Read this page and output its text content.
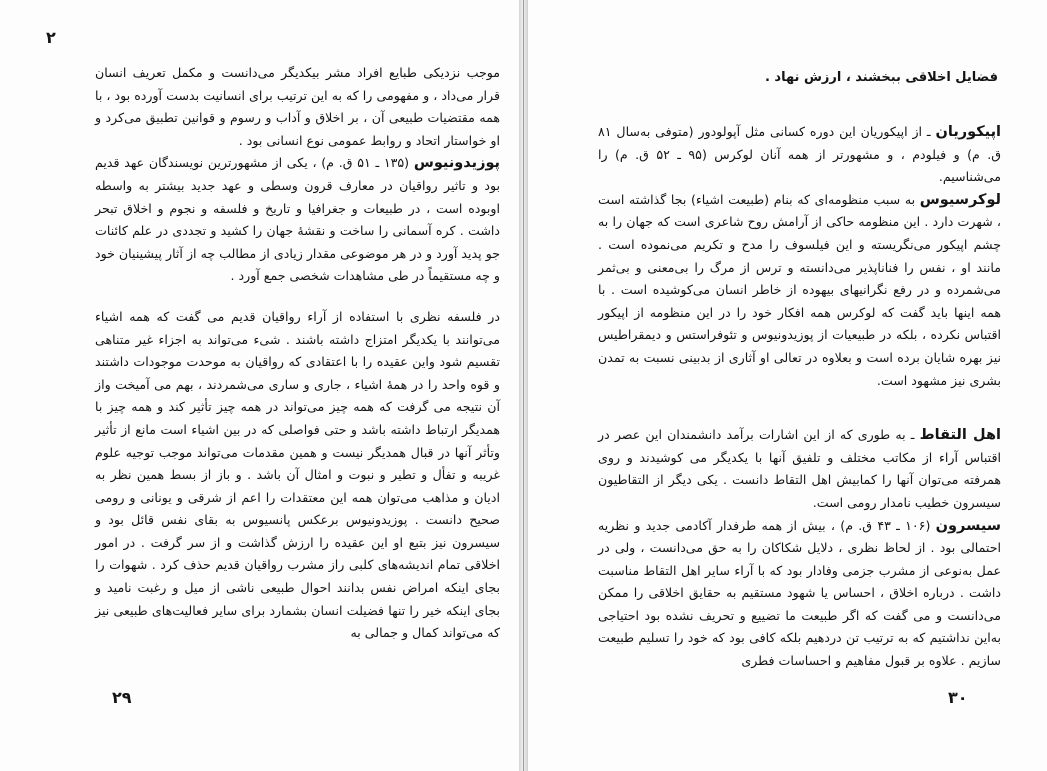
۲

موجب نزدیکی طبایع افراد مشر بیکدیگر می‌دانست و مکمل تعریف انسان قرار می‌داد ، و مفهومی را که به این ترتیب برای انسانیت بدست آورده بود ، با همه مقتضیات طبیعی آن ، بر اخلاق و آداب و رسوم و قوانین تطبیق می‌کرد و او خواستار اتحاد و روابط عمومی نوع انسانی بود .

پوزیدونیوس (۱۳۵ ـ ۵۱ ق. م) ، یکی از مشهورترین نویسندگان عهد قدیم بود و تاثیر رواقیان در معارف قرون وسطی و عهد جدید بیشتر به واسطه اوبوده است ، در طبیعات و جغرافیا و تاریخ و فلسفه و نجوم و اخلاق تبحر داشت . کره آسمانی را ساخت و نقشهٔ جهان را کشید و تجددی در علم کائنات جو پدید آورد و در هر موضوعی مقدار زیادی از مطالب چه از آثار پیشینیان خود و چه مستقیماً در طی مشاهدات شخصی جمع آورد .

در فلسفه نظری با استفاده از آراء رواقیان قدیم می گفت که همه اشیاء می‌توانند با یکدیگر امتزاج داشته باشند . شیء می‌تواند به اجزاء غیر متناهی تقسیم شود واین عقیده را با اعتقادی که رواقیان به موحدت موجودات داشتند و قوه واحد را در همهٔ اشیاء ، جاری و ساری می‌شمردند ، بهم می آمیخت واز آن نتیجه می گرفت که همه چیز می‌تواند در همه چیز تأثیر کند و همه چیز با همدیگر ارتباط داشته باشد و حتی فواصلی که در بین اشیاء است مانع از تأثیر وتأثر آنها در قبال همدیگر نیست و همین مقدمات می‌تواند موجب توجیه علوم غریبه و تفأل و تطیر و نبوت و امثال آن باشد . و باز از بسط همین نظر به ادیان و مذاهب می‌توان همه این معتقدات را اعم از شرقی و یونانی و رومی صحیح دانست . پوزیدونیوس برعکس پانسیوس به بقای نفس قائل بود و سیسرون نیز بتبع او این عقیده را ارزش گذاشت و از سر گرفت . در امور اخلاقی تمام اندیشه‌های کلبی راز مشرب رواقیان قدیم حذف کرد . شهوات را بجای اینکه امراض نفس بدانند احوال طبیعی ناشی از میل و رغبت نامید و بجای اینکه خیر را تنها فضیلت انسان بشمارد برای سایر فعالیت‌های طبیعی نیز که می‌تواند کمال و جمالی به

۲۹
فضایل اخلاقی ببخشند ، ارزش نهاد .

اپیکوریان ـ از اپیکوریان این دوره کسانی مثل آپولودور (متوفی به‌سال ۸۱ ق. م) و فیلودم ، و مشهورتر از همه آنان لوکرس (۹۵ ـ ۵۲ ق. م) را می‌شناسیم.

لوکرسیوس به سبب منظومه‌ای که بنام (طبیعت اشیاء) بجا گذاشته است ، شهرت دارد . این منظومه حاکی از آرامش روح شاعری است که جهان را به چشم اپیکور می‌نگریسته و این فیلسوف را مدح و تکریم می‌نموده است . مانند او ، نفس را فناناپذیر می‌دانسته و ترس از مرگ را بی‌معنی و بی‌ثمر می‌شمرده و در رفع نگرانیهای بیهوده از خاطر انسان می‌کوشیده است . با همه اینها باید گفت که لوکرس همه افکار خود را در این منظومه از اپیکور اقتباس نکرده ، بلکه در طبیعیات از پوزیدونیوس و تئوفراستس و دیمقراطیس نیز بهره شایان برده است و بعلاوه در تعالی او آثاری از بدبینی نسبت به تمدن بشری نیز مشهود است.

اهل التقاط ـ به طوری که از این اشارات برآمد دانشمندان این عصر در اقتباس آراء از مکاتب مختلف و تلفیق آنها با یکدیگر می کوشیدند و روی همرفته می‌توان آنها را کمابیش اهل التقاط دانست . یکی دیگر از التقاطیون سیسرون خطیب نامدار رومی است.

سیسرون (۱۰۶ ـ ۴۳ ق. م) ، بیش از همه طرفدار آکادمی جدید و نظریه احتمالی بود . از لحاظ نظری ، دلایل شکاکان را به حق می‌دانست ، ولی در عمل به‌نوعی از مشرب جزمی وفادار بود که با آراء سایر اهل التقاط مناسبت داشت . درباره اخلاق ، احساس یا شهود مستقیم به حقایق اخلاقی را ممکن می‌دانست و می گفت که اگر طبیعت ما تضییع و تحریف نشده بود احتیاجی به‌این نداشتیم که به ترتیب تن دردهیم بلکه کافی بود که خود را تسلیم طبیعت سازیم . علاوه بر قبول مفاهیم و احساسات فطری

۳۰
